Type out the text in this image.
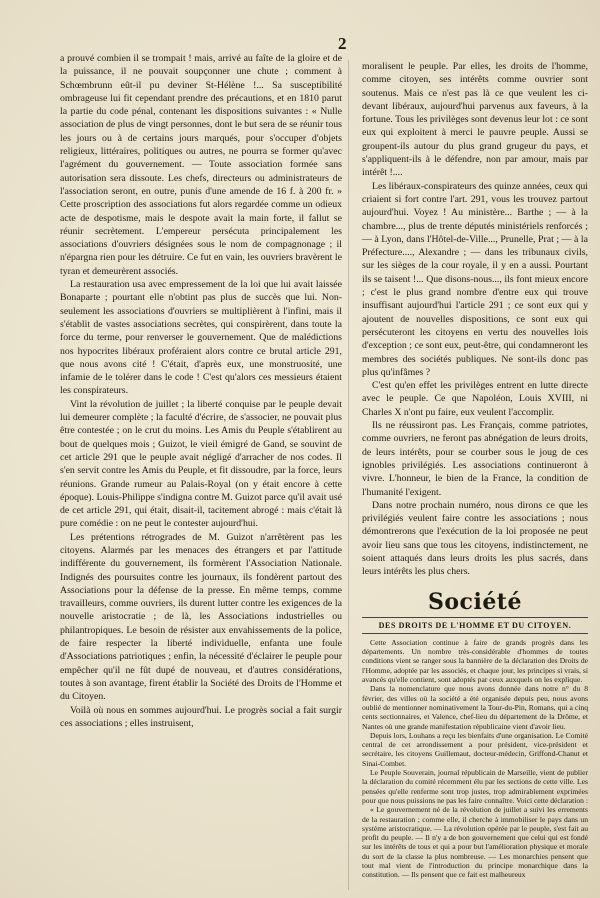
2

a prouvé combien il se trompait ! mais, arrivé au faîte de la gloire et de la puissance, il ne pouvait soupçonner une chute ; comment à Schœmbrunn eût-il pu deviner St-Hélène !... Sa susceptibilité ombrageuse lui fit cependant prendre des précautions, et en 1810 parut la partie du code pénal, contenant les dispositions suivantes : « Nulle association de plus de vingt personnes, dont le but sera de se réunir tous les jours ou à de certains jours marqués, pour s'occuper d'objets religieux, littéraires, politiques ou autres, ne pourra se former qu'avec l'agrément du gouvernement. — Toute association formée sans autorisation sera dissoute. Les chefs, directeurs ou administrateurs de l'association seront, en outre, punis d'une amende de 16 f. à 200 fr. » Cette proscription des associations fut alors regardée comme un odieux acte de despotisme, mais le despote avait la main forte, il fallut se réunir secrètement. L'empereur persécuta principalement les associations d'ouvriers désignées sous le nom de compagnonage ; il n'épargna rien pour les détruire. Ce fut en vain, les ouvriers bravèrent le tyran et demeurèrent associés.

La restauration usa avec empressement de la loi que lui avait laissée Bonaparte ; pourtant elle n'obtint pas plus de succès que lui. Non-seulement les associations d'ouvriers se multiplièrent à l'infini, mais il s'établit de vastes associations secrètes, qui conspirèrent, dans toute la force du terme, pour renverser le gouvernement. Que de malédictions nos hypocrites libéraux proféraient alors contre ce brutal article 291, que nous avons cité ! C'était, d'après eux, une monstruosité, une infamie de le tolérer dans le code ! C'est qu'alors ces messieurs étaient les conspirateurs.

Vint la révolution de juillet ; la liberté conquise par le peuple devait lui demeurer complète ; la faculté d'écrire, de s'associer, ne pouvait plus être contestée ; on le crut du moins. Les Amis du Peuple s'établirent au bout de quelques mois ; Guizot, le vieil émigré de Gand, se souvint de cet article 291 que le peuple avait négligé d'arracher de nos codes. Il s'en servit contre les Amis du Peuple, et fit dissoudre, par la force, leurs réunions. Grande rumeur au Palais-Royal (on y était encore à cette époque). Louis-Philippe s'indigna contre M. Guizot parce qu'il avait usé de cet article 291, qui était, disait-il, tacitement abrogé : mais c'était là pure comédie : on ne peut le contester aujourd'hui.

Les prétentions rétrogrades de M. Guizot n'arrêtèrent pas les citoyens. Alarmés par les menaces des étrangers et par l'attitude indifférente du gouvernement, ils formèrent l'Association Nationale. Indignés des poursuites contre les journaux, ils fondèrent partout des Associations pour la défense de la presse. En même temps, comme travailleurs, comme ouvriers, ils durent lutter contre les exigences de la nouvelle aristocratie ; de là, les Associations industrielles ou philantropiques. Le besoin de résister aux envahissements de la police, de faire respecter la liberté individuelle, enfanta une foule d'Associations patriotiques ; enfin, la nécessité d'éclairer le peuple pour empêcher qu'il ne fût dupé de nouveau, et d'autres considérations, toutes à son avantage, firent établir la Société des Droits de l'Homme et du Citoyen.

Voilà où nous en sommes aujourd'hui. Le progrès social a fait surgir ces associations ; elles instruisent,

moralisent le peuple. Par elles, les droits de l'homme, comme citoyen, ses intérêts comme ouvrier sont soutenus. Mais ce n'est pas là ce que veulent les ci-devant libéraux, aujourd'hui parvenus aux faveurs, à la fortune. Tous les privilèges sont devenus leur lot : ce sont eux qui exploitent à merci le pauvre peuple. Aussi se groupent-ils autour du plus grand grugeur du pays, et s'appliquent-ils à le défendre, non par amour, mais par intérêt !....

Les libéraux-conspirateurs des quinze années, ceux qui criaient si fort contre l'art. 291, vous les trouvez partout aujourd'hui. Voyez ! Au ministère... Barthe ; — à la chambre..., plus de trente députés ministériels renforcés ; — à Lyon, dans l'Hôtel-de-Ville..., Prunelle, Prat ; — à la Préfecture...., Alexandre ; — dans les tribunaux civils, sur les sièges de la cour royale, il y en a aussi. Pourtant ils se taisent !... Que disons-nous..., ils font mieux encore ; c'est le plus grand nombre d'entre eux qui trouve insuffisant aujourd'hui l'article 291 ; ce sont eux qui y ajoutent de nouvelles dispositions, ce sont eux qui persécuteront les citoyens en vertu des nouvelles lois d'exception ; ce sont eux, peut-être, qui condamneront les membres des sociétés publiques. Ne sont-ils donc pas plus qu'infâmes ?

C'est qu'en effet les privilèges entrent en lutte directe avec le peuple. Ce que Napoléon, Louis XVIII, ni Charles X n'ont pu faire, eux veulent l'accomplir.

Ils ne réussiront pas. Les Français, comme patriotes, comme ouvriers, ne feront pas abnégation de leurs droits, de leurs intérêts, pour se courber sous le joug de ces ignobles privilégiés. Les associations continueront à vivre. L'honneur, le bien de la France, la condition de l'humanité l'exigent.

Dans notre prochain numéro, nous dirons ce que les privilégiés veulent faire contre les associations ; nous démontrerons que l'exécution de la loi proposée ne peut avoir lieu sans que tous les citoyens, indistinctement, ne soient attaqués dans leurs droits les plus sacrés, dans leurs intérêts les plus chers.

Société
DES DROITS DE L'HOMME ET DU CITOYEN.

Cette Association continue à faire de grands progrès dans les départements. Un nombre très-considérable d'hommes de toutes conditions vient se ranger sous la bannière de la déclaration des Droits de l'Homme, adoptée par les associés, et chaque jour, les principes si vrais, si avancés qu'elle contient, sont adoptés par ceux auxquels on les explique.

Dans la nomenclature que nous avons donnée dans notre n° du 8 février, des villes où la société a été organisée depuis peu, nous avons oublié de mentionner nominativement la Tour-du-Pin, Romans, qui a cinq cents sectionnaires, et Valence, chef-lieu du département de la Drôme, et Nantes où une grande manifestation républicaine vient d'avoir lieu.

Depuis lors, Louhans a reçu les bienfaits d'une organisation. Le Comité central de cet arrondissement a pour président, vice-président et secrétaire, les citoyens Guillemaut, docteur-médecin, Griffond-Chanut et Sinai-Combet.

Le Peuple Souverain, journal républicain de Marseille, vient de publier la déclaration du comité récemment élu par les sections de cette ville. Les pensées qu'elle renferme sont trop justes, trop admirablement exprimées pour que nous puissions ne pas les faire connaître. Voici cette déclaration :

« Le gouvernement né de la révolution de juillet a suivi les errements de la restauration ; comme elle, il cherche à immobiliser le pays dans un système aristocratique. — La révolution opérée par le peuple, s'est fait au profit du peuple. — Il n'y a de bon gouvernement que celui qui est fondé sur les intérêts de tous et qui a pour but l'amélioration physique et morale du sort de la classe la plus nombreuse. — Les monarchies pensent que tout mal vient de l'introduction du principe monarchique dans la constitution. — Ils pensent que ce fait est malheureux
